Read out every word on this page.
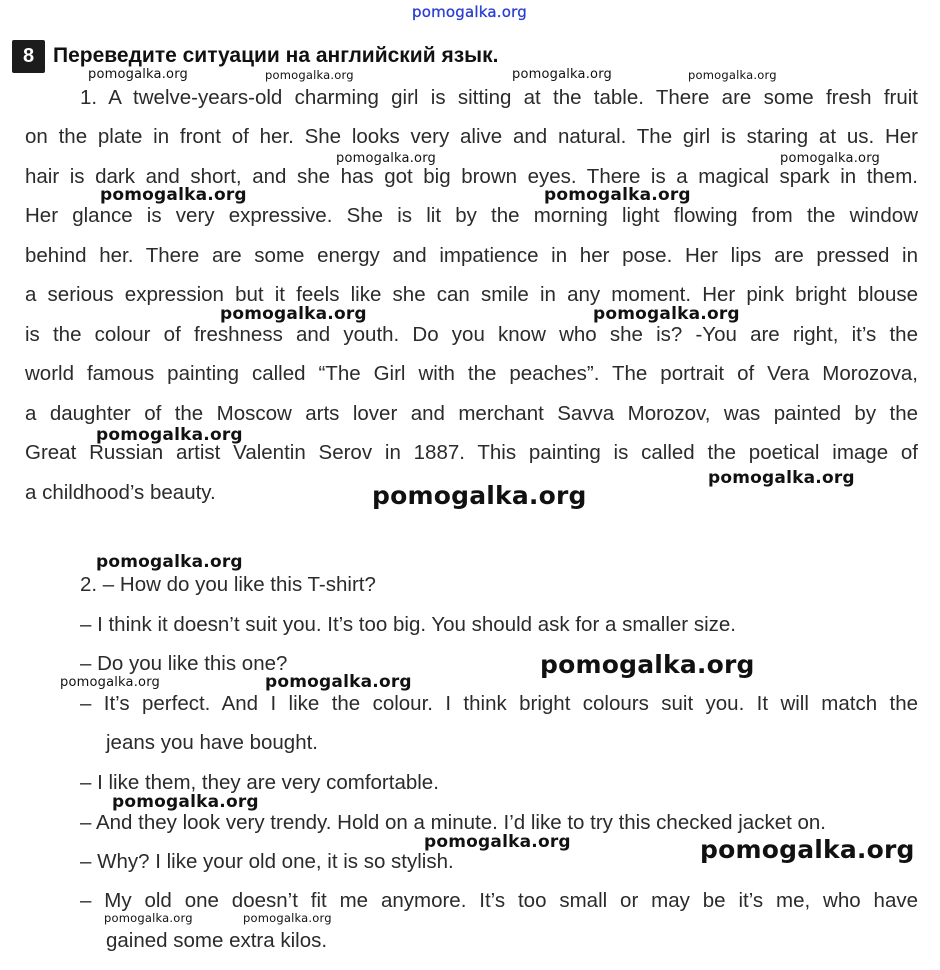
pomogalka.org
8 Переведите ситуации на английский язык.
1. A twelve-years-old charming girl is sitting at the table. There are some fresh fruit
on the plate in front of her. She looks very alive and natural. The girl is staring at us. Her
hair is dark and short, and she has got big brown eyes. There is a magical spark in them.
Her glance is very expressive. She is lit by the morning light flowing from the window
behind her. There are some energy and impatience in her pose. Her lips are pressed in
a serious expression but it feels like she can smile in any moment. Her pink bright blouse
is the colour of freshness and youth. Do you know who she is? -You are right, it’s the
world famous painting called “The Girl with the peaches”. The portrait of Vera Morozova,
a daughter of the Moscow arts lover and merchant Savva Morozov, was painted by the
Great Russian artist Valentin Serov in 1887. This painting is called the poetical image of
a childhood’s beauty.
2. – How do you like this T-shirt?
– I think it doesn’t suit you. It’s too big. You should ask for a smaller size.
– Do you like this one?
– It’s perfect. And I like the colour. I think bright colours suit you. It will match the
jeans you have bought.
– I like them, they are very comfortable.
– And they look very trendy. Hold on a minute. I’d like to try this checked jacket on.
– Why? I like your old one, it is so stylish.
– My old one doesn’t fit me anymore. It’s too small or may be it’s me, who have
gained some extra kilos.
pomogalka.org	pomogalka.org	pomogalka.org	pomogalka.org
pomogalka.org	pomogalka.org
pomogalka.org	pomogalka.org
pomogalka.org	pomogalka.org
pomogalka.org
pomogalka.org
pomogalka.org
pomogalka.org
pomogalka.org
pomogalka.org	pomogalka.org
pomogalka.org
pomogalka.org	pomogalka.org
pomogalka.org	pomogalka.org
